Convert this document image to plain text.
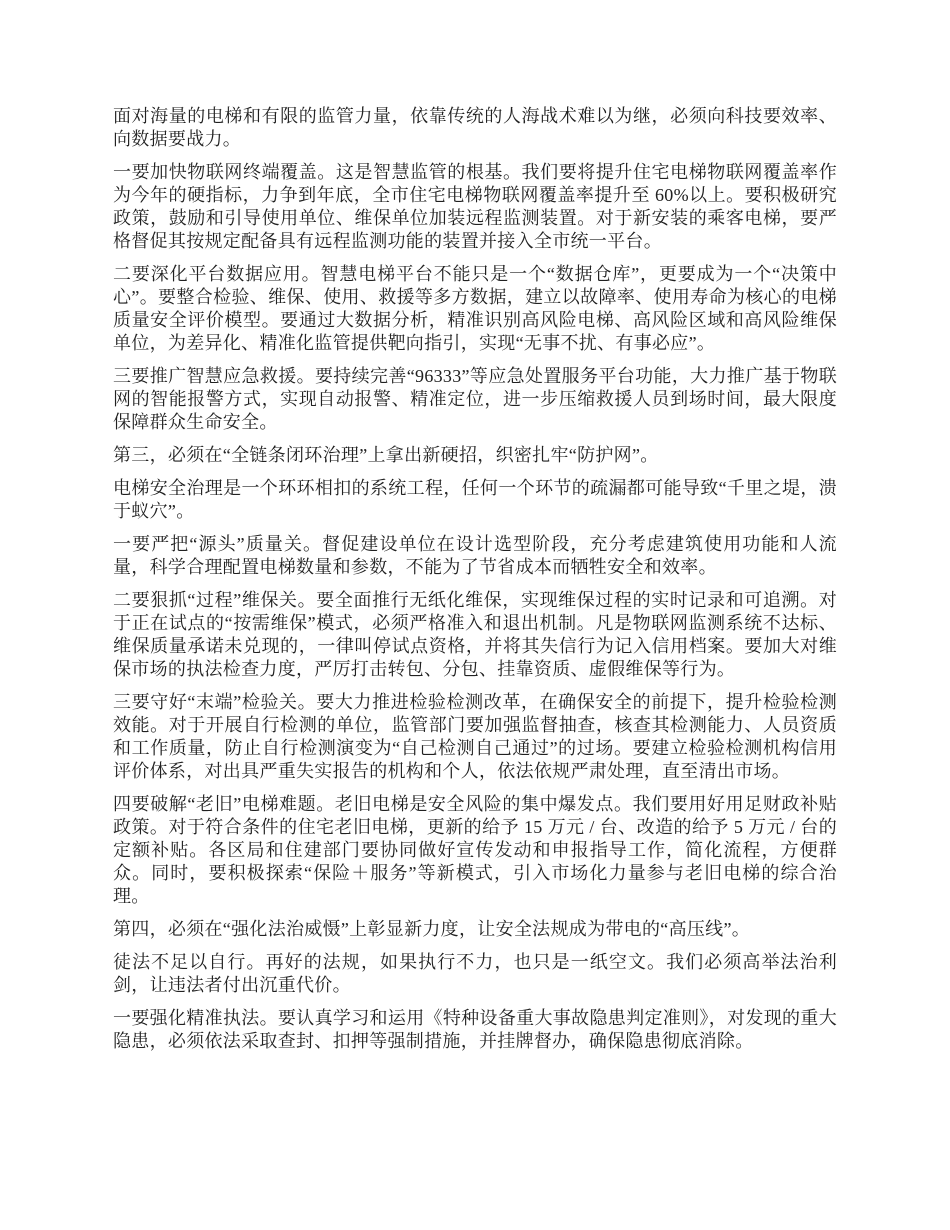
面对海量的电梯和有限的监管力量，依靠传统的人海战术难以为继，必须向科技要效率、向数据要战力。

一要加快物联网终端覆盖。这是智慧监管的根基。我们要将提升住宅电梯物联网覆盖率作为今年的硬指标，力争到年底，全市住宅电梯物联网覆盖率提升至 60%以上。要积极研究政策，鼓励和引导使用单位、维保单位加装远程监测装置。对于新安装的乘客电梯，要严格督促其按规定配备具有远程监测功能的装置并接入全市统一平台。

二要深化平台数据应用。智慧电梯平台不能只是一个“数据仓库”，更要成为一个“决策中心”。要整合检验、维保、使用、救援等多方数据，建立以故障率、使用寿命为核心的电梯质量安全评价模型。要通过大数据分析，精准识别高风险电梯、高风险区域和高风险维保单位，为差异化、精准化监管提供靶向指引，实现“无事不扰、有事必应”。

三要推广智慧应急救援。要持续完善“96333”等应急处置服务平台功能，大力推广基于物联网的智能报警方式，实现自动报警、精准定位，进一步压缩救援人员到场时间，最大限度保障群众生命安全。

第三，必须在“全链条闭环治理”上拿出新硬招，织密扎牢“防护网”。

电梯安全治理是一个环环相扣的系统工程，任何一个环节的疏漏都可能导致“千里之堤，溃于蚁穴”。

一要严把“源头”质量关。督促建设单位在设计选型阶段，充分考虑建筑使用功能和人流量，科学合理配置电梯数量和参数，不能为了节省成本而牺牲安全和效率。

二要狠抓“过程”维保关。要全面推行无纸化维保，实现维保过程的实时记录和可追溯。对于正在试点的“按需维保”模式，必须严格准入和退出机制。凡是物联网监测系统不达标、维保质量承诺未兑现的，一律叫停试点资格，并将其失信行为记入信用档案。要加大对维保市场的执法检查力度，严厉打击转包、分包、挂靠资质、虚假维保等行为。

三要守好“末端”检验关。要大力推进检验检测改革，在确保安全的前提下，提升检验检测效能。对于开展自行检测的单位，监管部门要加强监督抽查，核查其检测能力、人员资质和工作质量，防止自行检测演变为“自己检测自己通过”的过场。要建立检验检测机构信用评价体系，对出具严重失实报告的机构和个人，依法依规严肃处理，直至清出市场。

四要破解“老旧”电梯难题。老旧电梯是安全风险的集中爆发点。我们要用好用足财政补贴政策。对于符合条件的住宅老旧电梯，更新的给予 15 万元 / 台、改造的给予 5 万元 / 台的定额补贴。各区局和住建部门要协同做好宣传发动和申报指导工作，简化流程，方便群众。同时，要积极探索“保险＋服务”等新模式，引入市场化力量参与老旧电梯的综合治理。

第四，必须在“强化法治威慑”上彰显新力度，让安全法规成为带电的“高压线”。

徒法不足以自行。再好的法规，如果执行不力，也只是一纸空文。我们必须高举法治利剑，让违法者付出沉重代价。

一要强化精准执法。要认真学习和运用《特种设备重大事故隐患判定准则》，对发现的重大隐患，必须依法采取查封、扣押等强制措施，并挂牌督办，确保隐患彻底消除。
